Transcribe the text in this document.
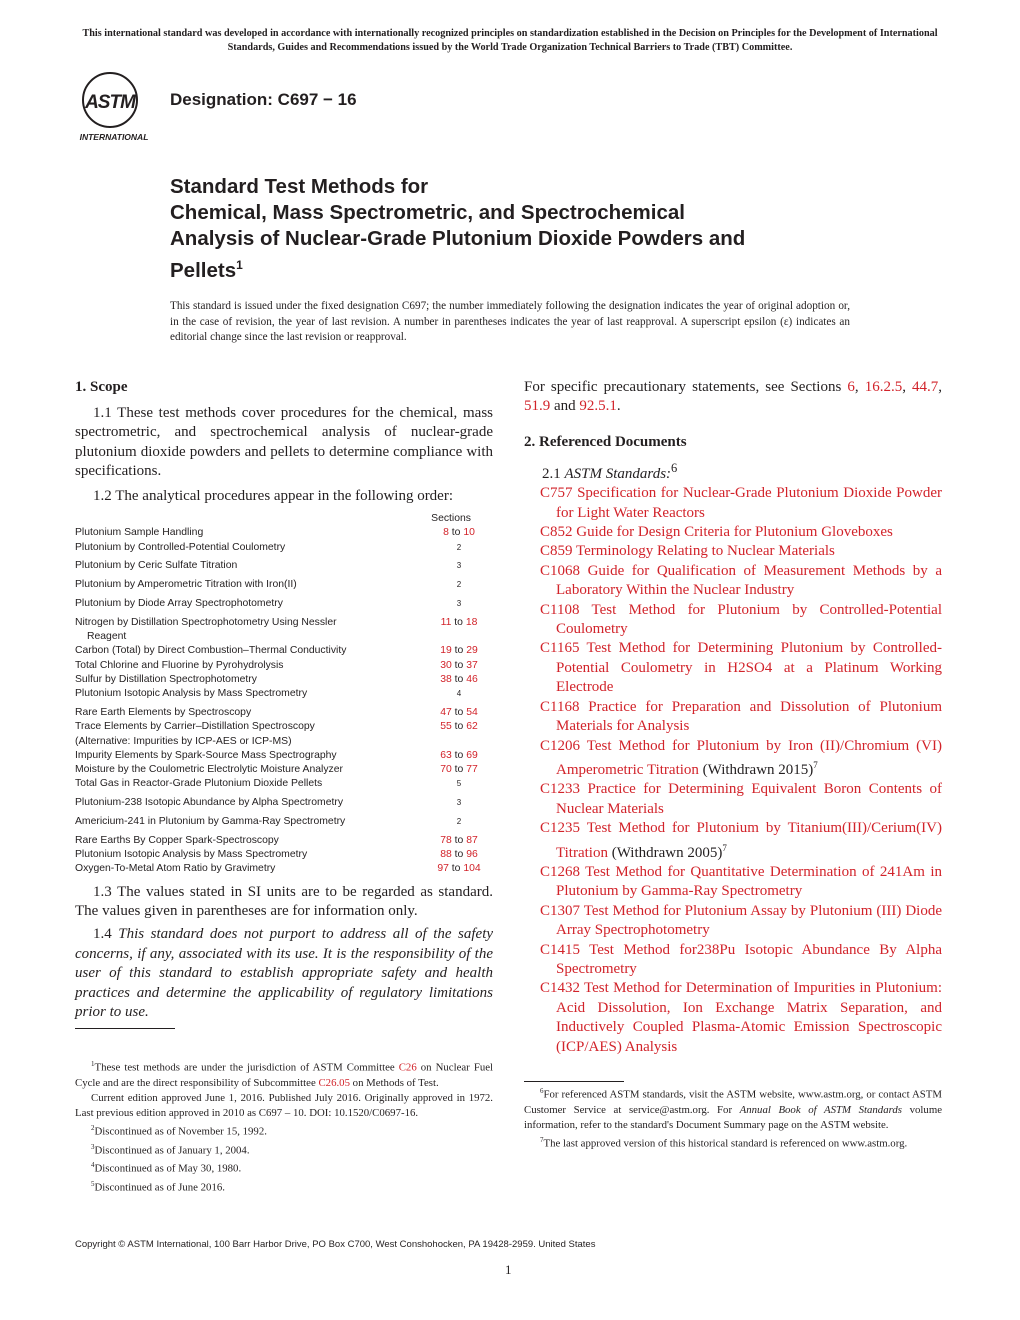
This international standard was developed in accordance with internationally recognized principles on standardization established in the Decision on Principles for the Development of International Standards, Guides and Recommendations issued by the World Trade Organization Technical Barriers to Trade (TBT) Committee.
ASTM
INTERNATIONAL
Designation: C697 − 16
Standard Test Methods for
Chemical, Mass Spectrometric, and Spectrochemical
Analysis of Nuclear-Grade Plutonium Dioxide Powders and
Pellets$^1$
This standard is issued under the fixed designation C697; the number immediately following the designation indicates the year of original adoption or, in the case of revision, the year of last revision. A number in parentheses indicates the year of last reapproval. A superscript epsilon (ε) indicates an editorial change since the last revision or reapproval.
1. Scope

1.1 These test methods cover procedures for the chemical, mass spectrometric, and spectrochemical analysis of nuclear-grade plutonium dioxide powders and pellets to determine compliance with specifications.

1.2 The analytical procedures appear in the following order:

Sections
Plutonium Sample Handling	8 to 10
Plutonium by Controlled-Potential Coulometry	$^2$
Plutonium by Ceric Sulfate Titration	$^3$
Plutonium by Amperometric Titration with Iron(II)	$^2$
Plutonium by Diode Array Spectrophotometry	$^3$
Nitrogen by Distillation Spectrophotometry Using Nessler	11 to 18
Reagent
Carbon (Total) by Direct Combustion–Thermal Conductivity	19 to 29
Total Chlorine and Fluorine by Pyrohydrolysis	30 to 37
Sulfur by Distillation Spectrophotometry	38 to 46
Plutonium Isotopic Analysis by Mass Spectrometry	$^4$
Rare Earth Elements by Spectroscopy	47 to 54
Trace Elements by Carrier–Distillation Spectroscopy	55 to 62
(Alternative: Impurities by ICP-AES or ICP-MS)
Impurity Elements by Spark-Source Mass Spectrography	63 to 69
Moisture by the Coulometric Electrolytic Moisture Analyzer	70 to 77
Total Gas in Reactor-Grade Plutonium Dioxide Pellets	$^5$
Plutonium-238 Isotopic Abundance by Alpha Spectrometry	$^3$
Americium-241 in Plutonium by Gamma-Ray Spectrometry	$^2$
Rare Earths By Copper Spark-Spectroscopy	78 to 87
Plutonium Isotopic Analysis by Mass Spectrometry	88 to 96
Oxygen-To-Metal Atom Ratio by Gravimetry	97 to 104

1.3 The values stated in SI units are to be regarded as standard. The values given in parentheses are for information only.

1.4 This standard does not purport to address all of the safety concerns, if any, associated with its use. It is the responsibility of the user of this standard to establish appropriate safety and health practices and determine the applicability of regulatory limitations prior to use.

$^1$These test methods are under the jurisdiction of ASTM Committee C26 on Nuclear Fuel Cycle and are the direct responsibility of Subcommittee C26.05 on Methods of Test.

Current edition approved June 1, 2016. Published July 2016. Originally approved in 1972. Last previous edition approved in 2010 as C697 – 10. DOI: 10.1520/C0697-16.

$^2$Discontinued as of November 15, 1992.

$^3$Discontinued as of January 1, 2004.

$^4$Discontinued as of May 30, 1980.

$^5$Discontinued as of June 2016.

For specific precautionary statements, see Sections 6, 16.2.5, 44.7, 51.9 and 92.5.1.

2. Referenced Documents

2.1 ASTM Standards:$^6$

C757 Specification for Nuclear-Grade Plutonium Dioxide Powder for Light Water Reactors

C852 Guide for Design Criteria for Plutonium Gloveboxes

C859 Terminology Relating to Nuclear Materials

C1068 Guide for Qualification of Measurement Methods by a Laboratory Within the Nuclear Industry

C1108 Test Method for Plutonium by Controlled-Potential Coulometry

C1165 Test Method for Determining Plutonium by Controlled-Potential Coulometry in H2SO4 at a Platinum Working Electrode

C1168 Practice for Preparation and Dissolution of Plutonium Materials for Analysis

C1206 Test Method for Plutonium by Iron (II)/Chromium (VI) Amperometric Titration (Withdrawn 2015)$^7$

C1233 Practice for Determining Equivalent Boron Contents of Nuclear Materials

C1235 Test Method for Plutonium by Titanium(III)/Cerium(IV) Titration (Withdrawn 2005)$^7$

C1268 Test Method for Quantitative Determination of 241Am in Plutonium by Gamma-Ray Spectrometry

C1307 Test Method for Plutonium Assay by Plutonium (III) Diode Array Spectrophotometry

C1415 Test Method for238Pu Isotopic Abundance By Alpha Spectrometry

C1432 Test Method for Determination of Impurities in Plutonium: Acid Dissolution, Ion Exchange Matrix Separation, and Inductively Coupled Plasma-Atomic Emission Spectroscopic (ICP/AES) Analysis

$^6$For referenced ASTM standards, visit the ASTM website, www.astm.org, or contact ASTM Customer Service at service@astm.org. For Annual Book of ASTM Standards volume information, refer to the standard's Document Summary page on the ASTM website.

$^7$The last approved version of this historical standard is referenced on www.astm.org.

Copyright © ASTM International, 100 Barr Harbor Drive, PO Box C700, West Conshohocken, PA 19428-2959. United States
1
